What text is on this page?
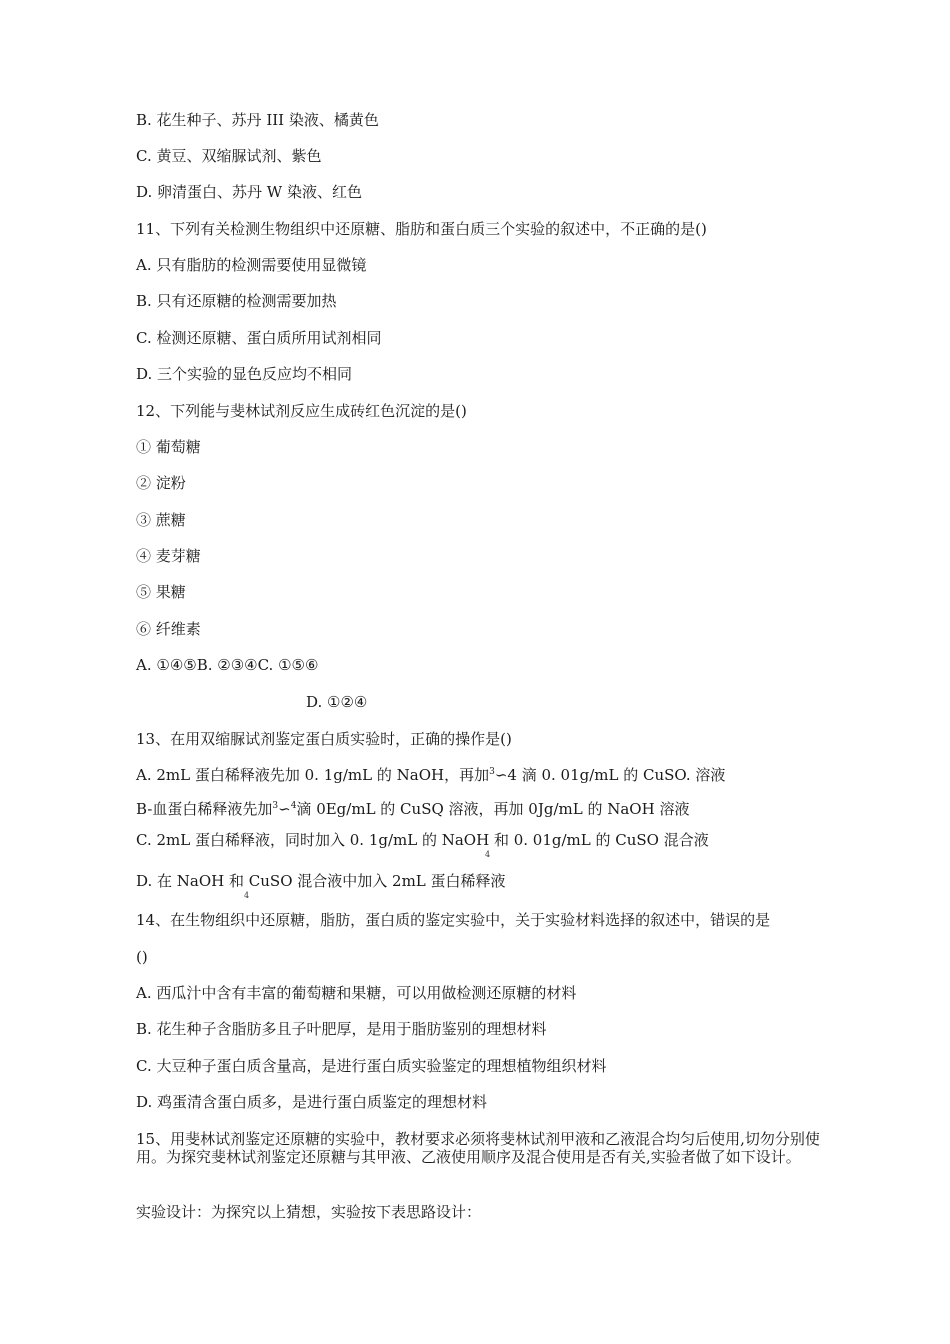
B. 花生种子、苏丹 III 染液、橘黄色
C. 黄豆、双缩脲试剂、紫色
D. 卵清蛋白、苏丹 W 染液、红色
11、下列有关检测生物组织中还原糖、脂肪和蛋白质三个实验的叙述中，不正确的是()
A. 只有脂肪的检测需要使用显微镜
B. 只有还原糖的检测需要加热
C. 检测还原糖、蛋白质所用试剂相同
D. 三个实验的显色反应均不相同
12、下列能与斐林试剂反应生成砖红色沉淀的是()
① 葡萄糖
② 淀粉
③ 蔗糖
④ 麦芽糖
⑤ 果糖
⑥ 纤维素
A. ①④⑤B. ②③④C. ①⑤⑥
D. ①②④
13、在用双缩脲试剂鉴定蛋白质实验时，正确的操作是()
A. 2mL 蛋白稀释液先加 0. 1g/mL 的 NaOH，再加$^3$∽4 滴 0. 01g/mL 的 CuSO. 溶液
B-血蛋白稀释液先加$^3$∽$^4$滴 0Eg/mL 的 CuSQ 溶液，再加 0Jg/mL 的 NaOH 溶液
C. 2mL 蛋白稀释液，同时加入 0. 1g/mL 的 NaOH 和 0. 01g/mL 的 CuSO 混合液
4
D. 在 NaOH 和 CuSO 混合液中加入 2mL 蛋白稀释液
4
14、在生物组织中还原糖，脂肪，蛋白质的鉴定实验中，关于实验材料选择的叙述中，错误的是
()
A. 西瓜汁中含有丰富的葡萄糖和果糖，可以用做检测还原糖的材料
B. 花生种子含脂肪多且子叶肥厚，是用于脂肪鉴别的理想材料
C. 大豆种子蛋白质含量高，是进行蛋白质实验鉴定的理想植物组织材料
D. 鸡蛋清含蛋白质多，是进行蛋白质鉴定的理想材料
15、用斐林试剂鉴定还原糖的实验中，教材要求必须将斐林试剂甲液和乙液混合均匀后使用,切勿分别使用。为探究斐林试剂鉴定还原糖与其甲液、乙液使用顺序及混合使用是否有关,实验者做了如下设计。
实验设计：为探究以上猜想，实验按下表思路设计：
